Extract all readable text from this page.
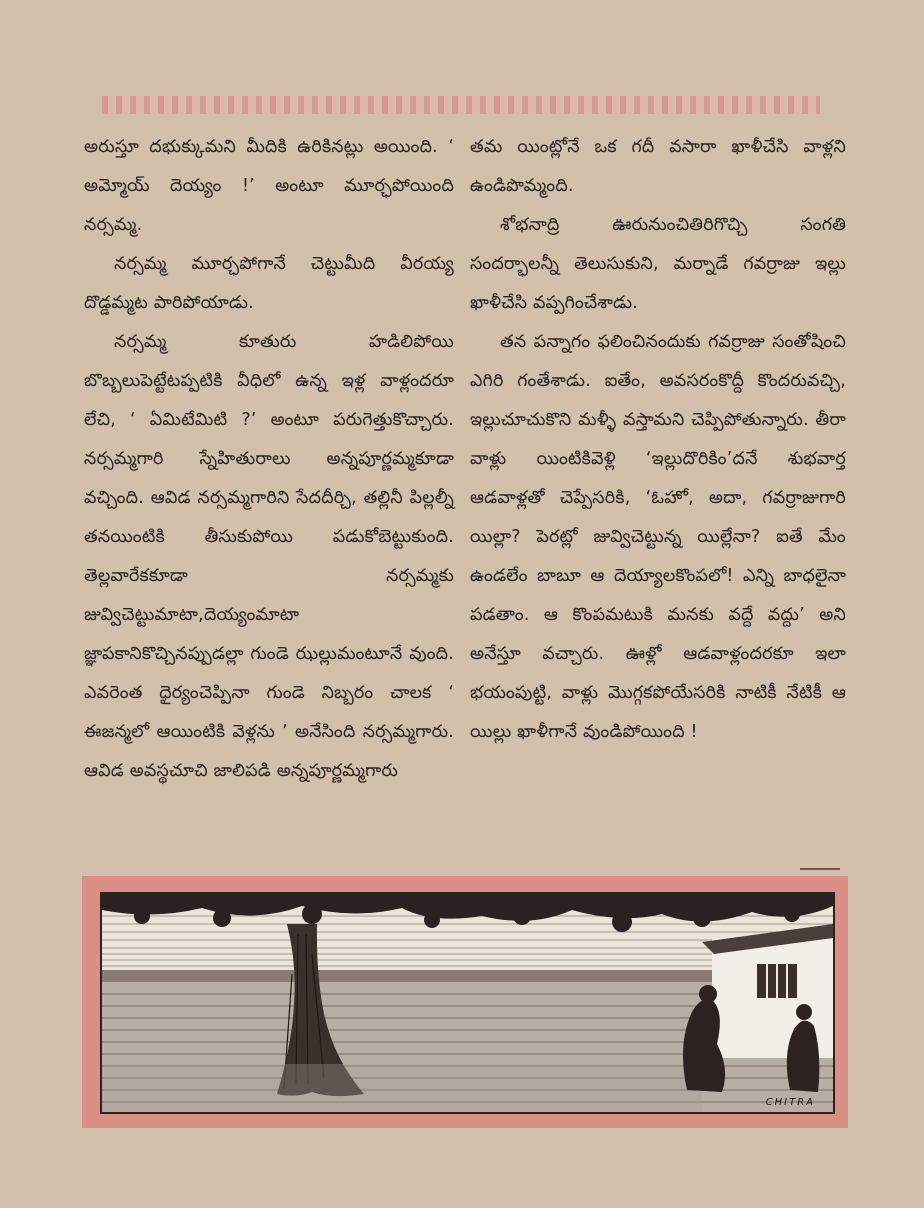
అరుస్తూ దభుక్కుమని మీదికి ఉరికినట్లు అయింది. ‘ అమ్మోయ్ దెయ్యం !’ అంటూ మూర్ఛపోయింది నర్సమ్మ.

నర్సమ్మ మూర్ఛపోగానే చెట్టుమీది వీరయ్య దొడ్డమ్మట పారిపోయాడు.

నర్సమ్మ కూతురు హడిలిపోయి బొబ్బలుపెట్టేటప్పటికి వీధిలో ఉన్న ఇళ్ల వాళ్లందరూ లేచి, ‘ ఏమిటేమిటి ?’ అంటూ పరుగెత్తుకొచ్చారు. నర్సమ్మగారి స్నేహితురాలు అన్నపూర్ణమ్మకూడా వచ్చింది. ఆవిడ నర్సమ్మగారిని సేదదీర్చి, తల్లినీ పిల్లల్నీ తనయింటికి తీసుకుపోయి పడుకోబెట్టుకుంది. తెల్లవారేకకూడా నర్సమ్మకు జువ్విచెట్టుమాటా,దెయ్యంమాటా జ్ఞాపకానికొచ్చినప్పుడల్లా గుండె ఝల్లుమంటూనే వుంది. ఎవరెంత ధైర్యంచెప్పినా గుండె నిబ్బరం చాలక ‘ ఈజన్మలో ఆయింటికి వెళ్లను ’ అనేసింది నర్సమ్మగారు. ఆవిడ అవస్థచూచి జాలిపడి అన్నపూర్ణమ్మగారు

తమ యింట్లోనే ఒక గదీ వసారా ఖాళీచేసి వాళ్లని ఉండిపొమ్మంది.

శోభనాద్రి ఊరునుంచితిరిగొచ్చి సంగతి సందర్భాలన్నీ తెలుసుకుని, మర్నాడే గవర్రాజు ఇల్లు ఖాళీచేసి వప్పగించేశాడు.

తన పన్నాగం ఫలించినందుకు గవర్రాజు సంతోషించి ఎగిరి గంతేశాడు. ఐతేం, అవసరంకొద్దీ కొందరువచ్చి, ఇల్లుచూచుకొని మళ్ళీ వస్తామని చెప్పిపోతున్నారు. తీరా వాళ్లు యింటికివెళ్లి ‘ఇల్లుదొరికిం’దనే శుభవార్త ఆడవాళ్లతో చెప్పేసరికి, ‘ఓహో, అదా, గవర్రాజుగారి యిల్లా? పెరట్లో జువ్విచెట్టున్న యిల్లేనా? ఐతే మేం ఉండలేం బాబూ ఆ దెయ్యాలకొంపలో! ఎన్ని బాధలైనా పడతాం. ఆ కొంపమటుకి మనకు వద్దే వద్దు’ అని అనేస్తూ వచ్చారు. ఊళ్లో ఆడవాళ్లందరకూ ఇలా భయంపుట్టి, వాళ్లు మొగ్గకపోయేసరికి నాటికీ నేటికీ ఆ యిల్లు ఖాళీగానే వుండిపోయింది !

CHITRA
